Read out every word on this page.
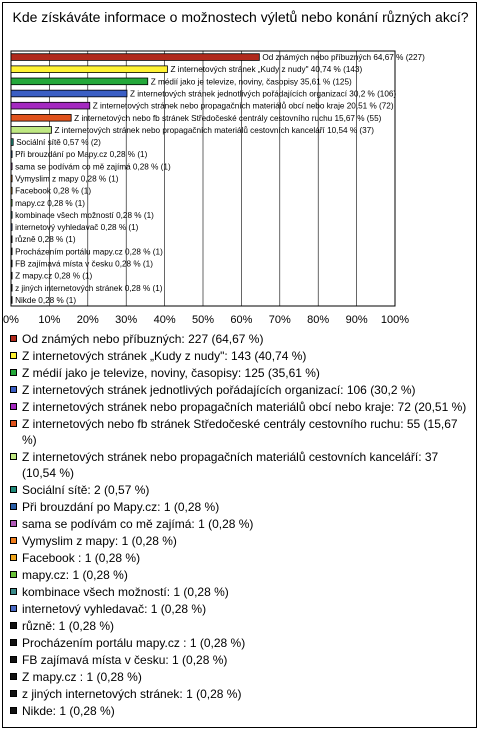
Kde získáváte informace o možnostech výletů nebo konání různých akcí?
0% 10% 20% 30% 40% 50% 60% 70% 80% 90% 100%
Od známých nebo příbuzných 64,67 % (227)
Z internetových stránek „Kudy z nudy" 40,74 % (143)
Z médií jako je televize, noviny, časopisy 35,61 % (125)
Z internetových stránek jednotlivých pořádajících organizací 30,2 % (106)
Z internetových stránek nebo propagačních materiálů obcí nebo kraje 20,51 % (72)
Z internetových nebo fb stránek Středočeské centrály cestovního ruchu 15,67 % (55)
Z internetových stránek nebo propagačních materiálů cestovních kanceláří 10,54 % (37)
Sociální sítě 0,57 % (2)
Při brouzdání po Mapy.cz 0,28 % (1)
sama se podívám co mě zajímá 0,28 % (1)
Vymyslim z mapy 0,28 % (1)
Facebook 0,28 % (1)
mapy.cz 0,28 % (1)
kombinace všech možností 0,28 % (1)
internetový vyhledavač 0,28 % (1)
různě 0,28 % (1)
Procházením portálu mapy.cz 0,28 % (1)
FB zajímavá místa v česku 0,28 % (1)
Z mapy.cz 0,28 % (1)
z jiných internetových stránek 0,28 % (1)
Nikde 0,28 % (1)
Od známých nebo příbuzných: 227 (64,67 %)
Z internetových stránek „Kudy z nudy": 143 (40,74 %)
Z médií jako je televize, noviny, časopisy: 125 (35,61 %)
Z internetových stránek jednotlivých pořádajících organizací: 106 (30,2 %)
Z internetových stránek nebo propagačních materiálů obcí nebo kraje: 72 (20,51 %)
Z internetových nebo fb stránek Středočeské centrály cestovního ruchu: 55 (15,67 %)
Z internetových stránek nebo propagačních materiálů cestovních kanceláří: 37 (10,54 %)
Sociální sítě: 2 (0,57 %)
Při brouzdání po Mapy.cz: 1 (0,28 %)
sama se podívám co mě zajímá: 1 (0,28 %)
Vymyslim z mapy: 1 (0,28 %)
Facebook : 1 (0,28 %)
mapy.cz: 1 (0,28 %)
kombinace všech možností: 1 (0,28 %)
internetový vyhledavač: 1 (0,28 %)
různě: 1 (0,28 %)
Procházením portálu mapy.cz : 1 (0,28 %)
FB zajímavá místa v česku: 1 (0,28 %)
Z mapy.cz : 1 (0,28 %)
z jiných internetových stránek: 1 (0,28 %)
Nikde: 1 (0,28 %)
